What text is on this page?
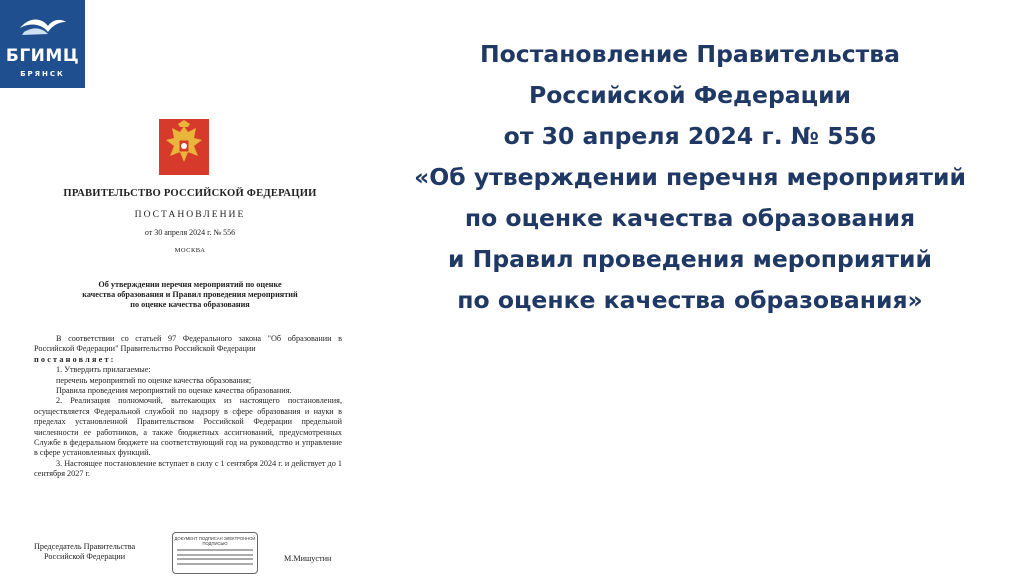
БГИМЦ
БРЯНСК
Постановление Правительства
Российской Федерации
от 30 апреля 2024 г. № 556
«Об утверждении перечня мероприятий
по оценке качества образования
и Правил проведения мероприятий
по оценке качества образования»
ПРАВИТЕЛЬСТВО РОССИЙСКОЙ ФЕДЕРАЦИИ
ПОСТАНОВЛЕНИЕ
от 30 апреля 2024 г. № 556
МОСКВА
Об утверждении перечня мероприятий по оценке
качества образования и Правил проведения мероприятий
по оценке качества образования

В соответствии со статьей 97 Федерального закона "Об образовании в Российской Федерации" Правительство Российской Федерации

постановляет:

1. Утвердить прилагаемые:

перечень мероприятий по оценке качества образования;

Правила проведения мероприятий по оценке качества образования.

2. Реализация полномочий, вытекающих из настоящего постановления, осуществляется Федеральной службой по надзору в сфере образования и науки в пределах установленной Правительством Российской Федерации предельной численности ее работников, а также бюджетных ассигнований, предусмотренных Службе в федеральном бюджете на соответствующий год на руководство и управление в сфере установленных функций.

3. Настоящее постановление вступает в силу с 1 сентября 2024 г. и действует до 1 сентября 2027 г.

Председатель Правительства
Российской Федерации
ДОКУМЕНТ ПОДПИСАН ЭЛЕКТРОННОЙ ПОДПИСЬЮ
М.Мишустин
